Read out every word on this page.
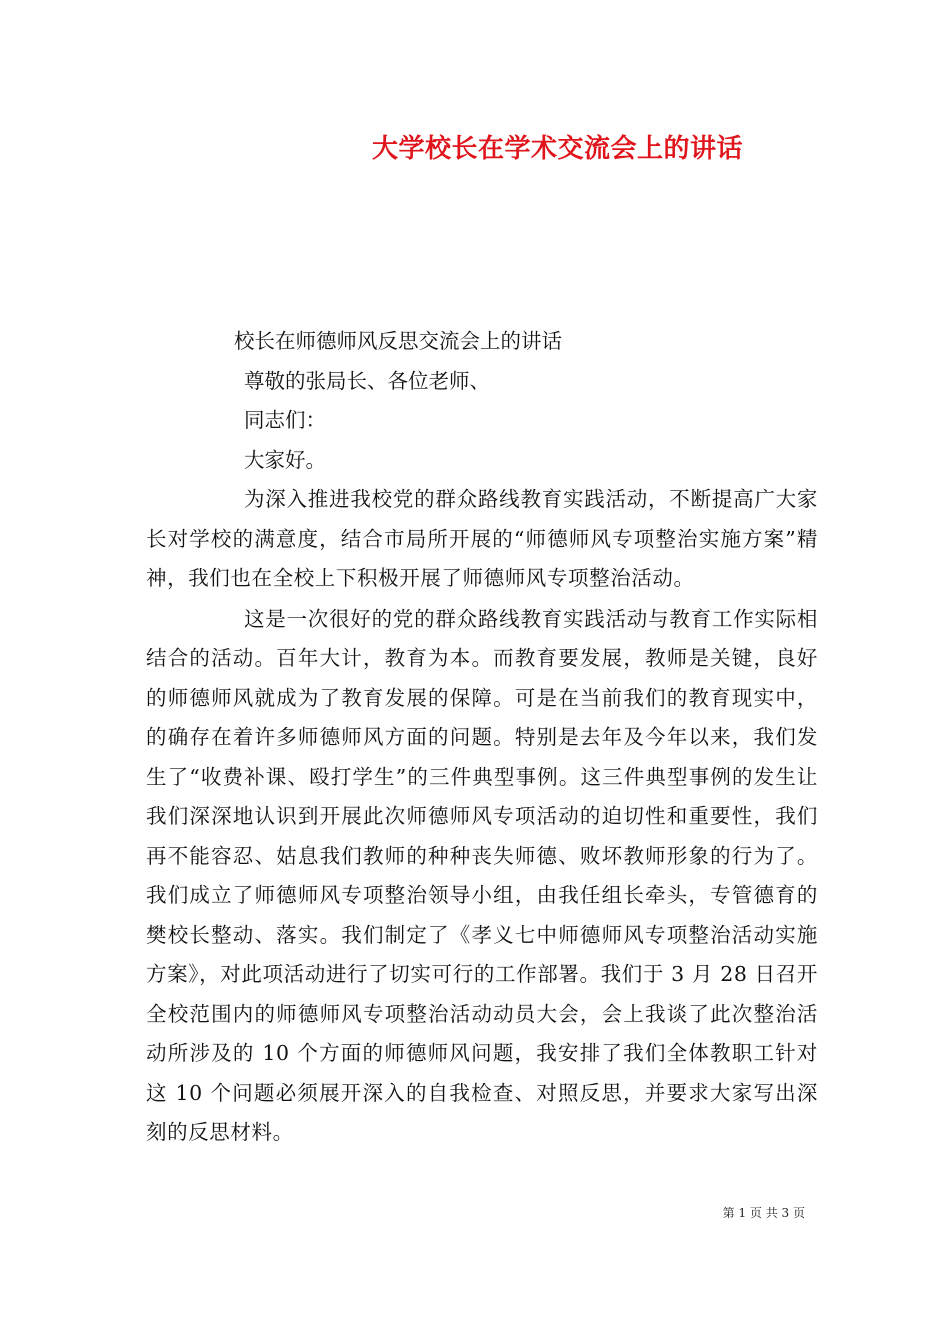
大学校长在学术交流会上的讲话
校长在师德师风反思交流会上的讲话
尊敬的张局长、各位老师、
同志们：
大家好。
为深入推进我校党的群众路线教育实践活动，不断提高广大家长对学校的满意度，结合市局所开展的“师德师风专项整治实施方案”精神，我们也在全校上下积极开展了师德师风专项整治活动。
这是一次很好的党的群众路线教育实践活动与教育工作实际相结合的活动。百年大计，教育为本。而教育要发展，教师是关键，良好的师德师风就成为了教育发展的保障。可是在当前我们的教育现实中，的确存在着许多师德师风方面的问题。特别是去年及今年以来，我们发生了“收费补课、殴打学生”的三件典型事例。这三件典型事例的发生让我们深深地认识到开展此次师德师风专项活动的迫切性和重要性，我们再不能容忍、姑息我们教师的种种丧失师德、败坏教师形象的行为了。我们成立了师德师风专项整治领导小组，由我任组长牵头，专管德育的樊校长整动、落实。我们制定了《孝义七中师德师风专项整治活动实施方案》，对此项活动进行了切实可行的工作部署。我们于 3 月 28 日召开全校范围内的师德师风专项整治活动动员大会，会上我谈了此次整治活动所涉及的 10 个方面的师德师风问题，我安排了我们全体教职工针对这 10 个问题必须展开深入的自我检查、对照反思，并要求大家写出深刻的反思材料。
第 1 页 共 3 页
